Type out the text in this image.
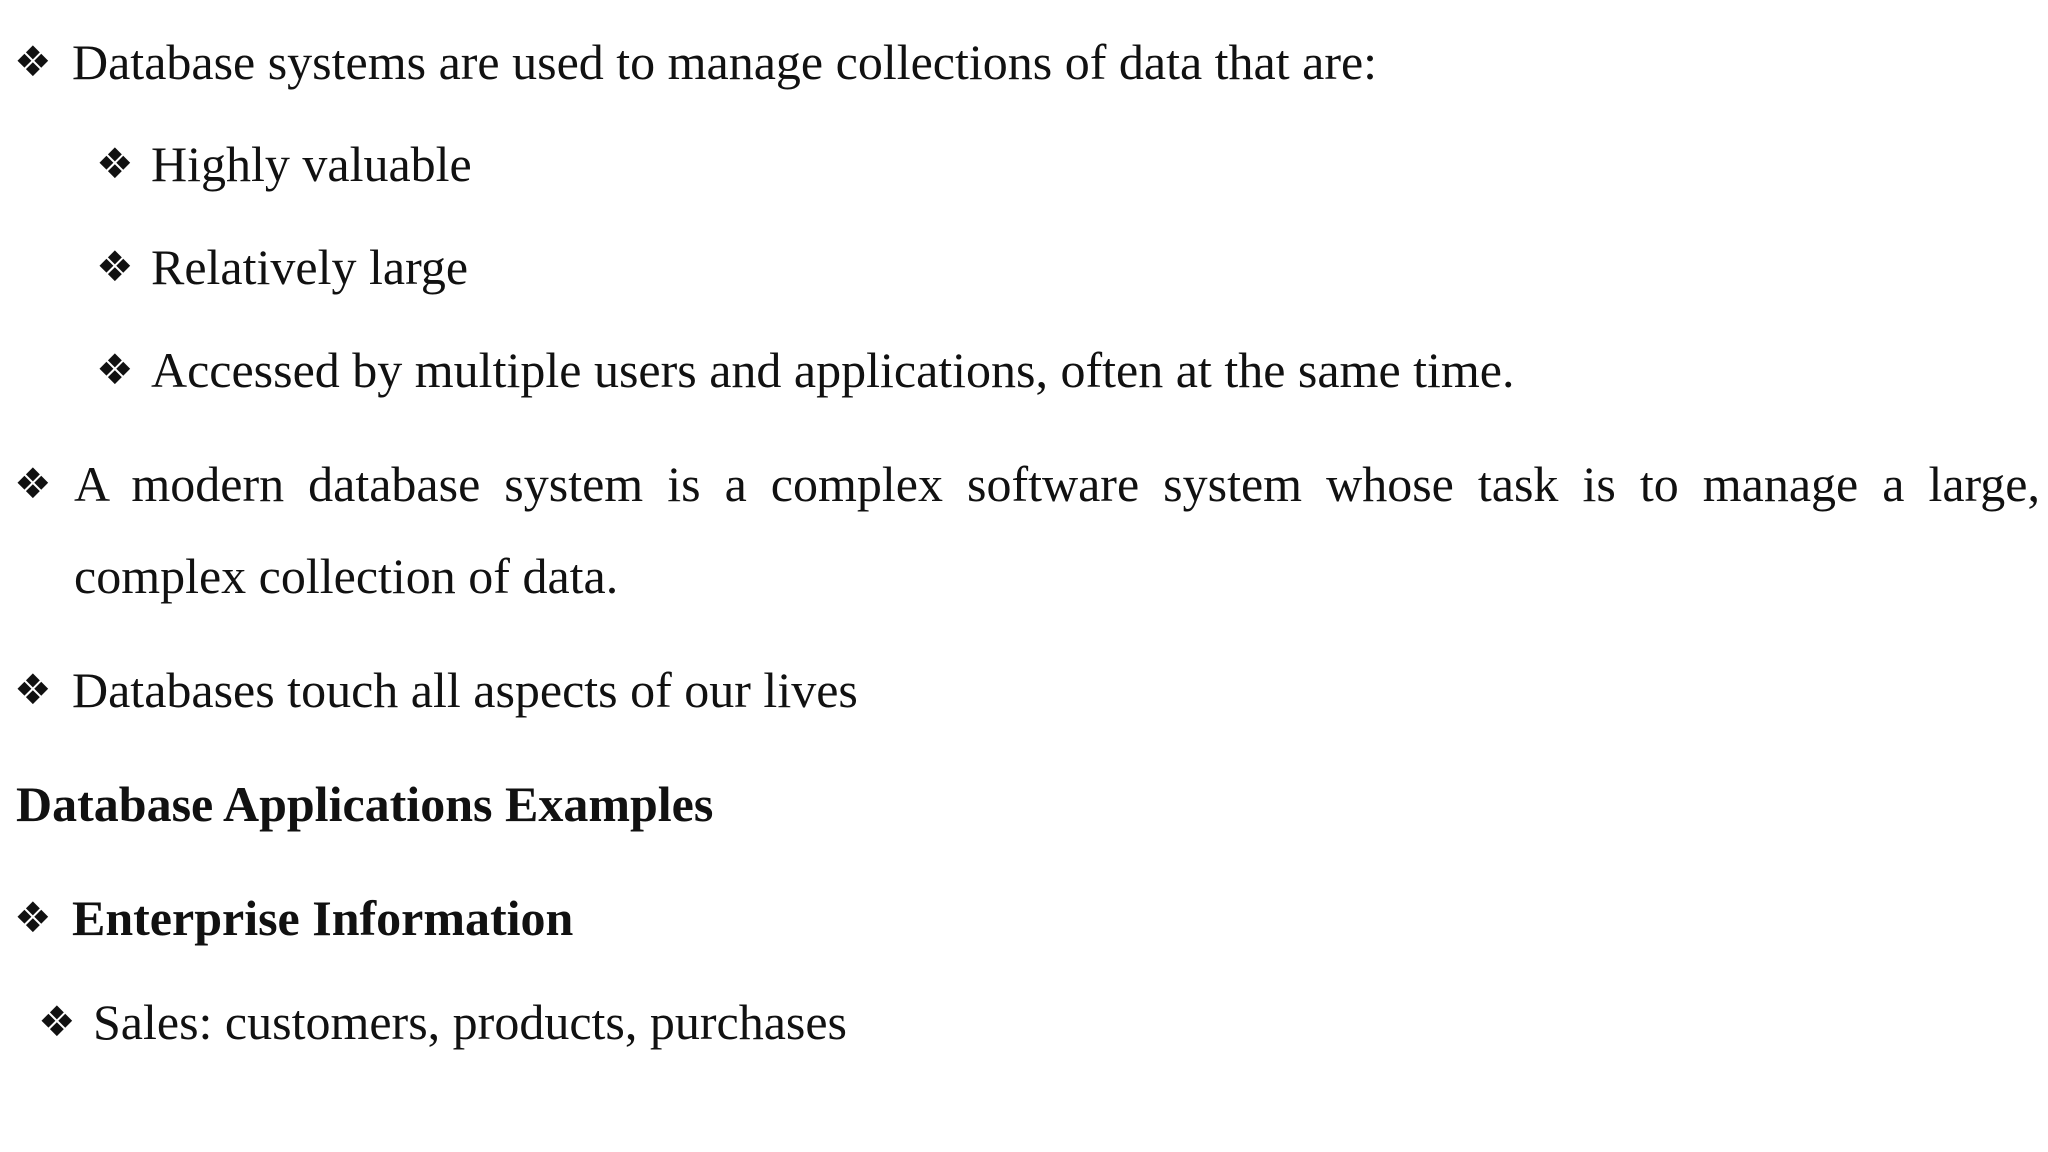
❖ Database systems are used to manage collections of data that are:
❖ Highly valuable
❖ Relatively large
❖ Accessed by multiple users and applications, often at the same time.
❖ A modern database system is a complex software system whose task is to manage a large,
complex collection of data.
❖ Databases touch all aspects of our lives
Database Applications Examples
❖ Enterprise Information
❖ Sales: customers, products, purchases
